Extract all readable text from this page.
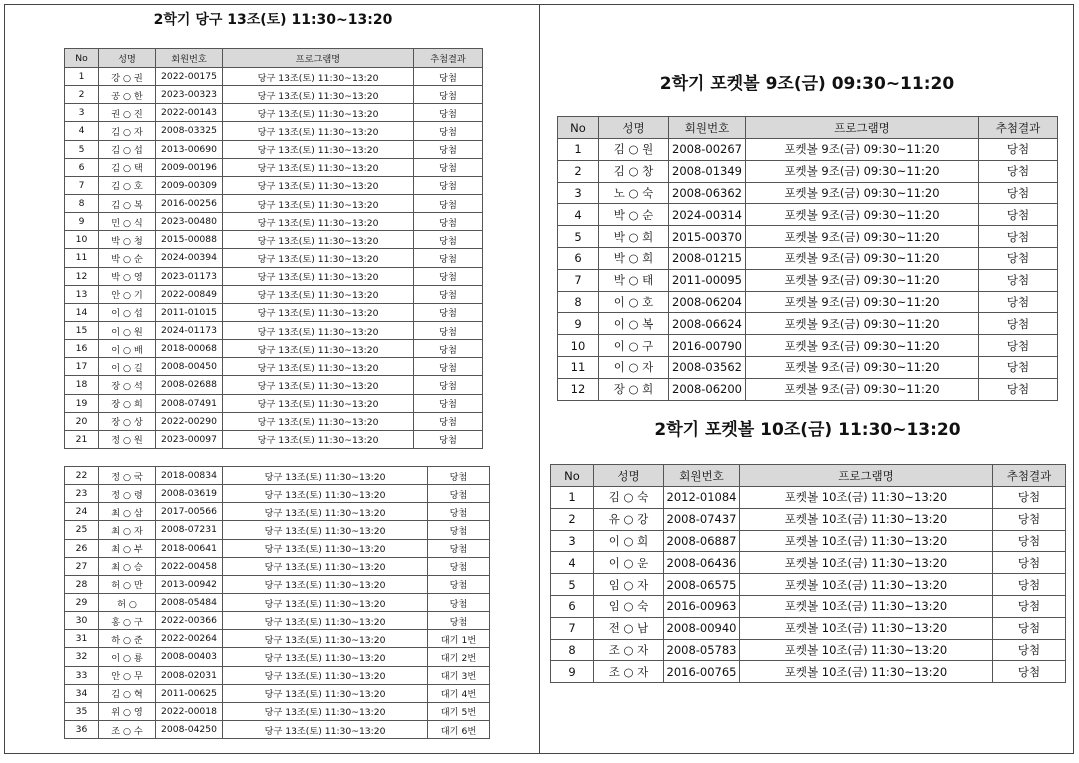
2학기 당구 13조(토) 11:30~13:20
No	성명	회원번호	프로그램명	추첨결과
1	강 ○ 권	2022-00175	당구 13조(토) 11:30~13:20	당첨
2	공 ○ 한	2023-00323	당구 13조(토) 11:30~13:20	당첨
3	권 ○ 진	2022-00143	당구 13조(토) 11:30~13:20	당첨
4	김 ○ 자	2008-03325	당구 13조(토) 11:30~13:20	당첨
5	김 ○ 섭	2013-00690	당구 13조(토) 11:30~13:20	당첨
6	김 ○ 택	2009-00196	당구 13조(토) 11:30~13:20	당첨
7	김 ○ 호	2009-00309	당구 13조(토) 11:30~13:20	당첨
8	김 ○ 복	2016-00256	당구 13조(토) 11:30~13:20	당첨
9	민 ○ 식	2023-00480	당구 13조(토) 11:30~13:20	당첨
10	박 ○ 청	2015-00088	당구 13조(토) 11:30~13:20	당첨
11	박 ○ 순	2024-00394	당구 13조(토) 11:30~13:20	당첨
12	박 ○ 영	2023-01173	당구 13조(토) 11:30~13:20	당첨
13	안 ○ 기	2022-00849	당구 13조(토) 11:30~13:20	당첨
14	이 ○ 섭	2011-01015	당구 13조(토) 11:30~13:20	당첨
15	이 ○ 원	2024-01173	당구 13조(토) 11:30~13:20	당첨
16	이 ○ 배	2018-00068	당구 13조(토) 11:30~13:20	당첨
17	이 ○ 길	2008-00450	당구 13조(토) 11:30~13:20	당첨
18	장 ○ 석	2008-02688	당구 13조(토) 11:30~13:20	당첨
19	장 ○ 희	2008-07491	당구 13조(토) 11:30~13:20	당첨
20	장 ○ 상	2022-00290	당구 13조(토) 11:30~13:20	당첨
21	정 ○ 원	2023-00097	당구 13조(토) 11:30~13:20	당첨
22	정 ○ 국	2018-00834	당구 13조(토) 11:30~13:20	당첨
23	정 ○ 령	2008-03619	당구 13조(토) 11:30~13:20	당첨
24	최 ○ 삼	2017-00566	당구 13조(토) 11:30~13:20	당첨
25	최 ○ 자	2008-07231	당구 13조(토) 11:30~13:20	당첨
26	최 ○ 부	2018-00641	당구 13조(토) 11:30~13:20	당첨
27	최 ○ 승	2022-00458	당구 13조(토) 11:30~13:20	당첨
28	허 ○ 만	2013-00942	당구 13조(토) 11:30~13:20	당첨
29	허 ○	2008-05484	당구 13조(토) 11:30~13:20	당첨
30	홍 ○ 구	2022-00366	당구 13조(토) 11:30~13:20	당첨
31	하 ○ 준	2022-00264	당구 13조(토) 11:30~13:20	대기 1번
32	이 ○ 룡	2008-00403	당구 13조(토) 11:30~13:20	대기 2번
33	안 ○ 무	2008-02031	당구 13조(토) 11:30~13:20	대기 3번
34	김 ○ 혁	2011-00625	당구 13조(토) 11:30~13:20	대기 4번
35	위 ○ 영	2022-00018	당구 13조(토) 11:30~13:20	대기 5번
36	조 ○ 수	2008-04250	당구 13조(토) 11:30~13:20	대기 6번
2학기 포켓볼 9조(금) 09:30~11:20
No	성명	회원번호	프로그램명	추첨결과
1	김 ○ 원	2008-00267	포켓볼 9조(금) 09:30~11:20	당첨
2	김 ○ 창	2008-01349	포켓볼 9조(금) 09:30~11:20	당첨
3	노 ○ 숙	2008-06362	포켓볼 9조(금) 09:30~11:20	당첨
4	박 ○ 순	2024-00314	포켓볼 9조(금) 09:30~11:20	당첨
5	박 ○ 희	2015-00370	포켓볼 9조(금) 09:30~11:20	당첨
6	박 ○ 희	2008-01215	포켓볼 9조(금) 09:30~11:20	당첨
7	박 ○ 태	2011-00095	포켓볼 9조(금) 09:30~11:20	당첨
8	이 ○ 호	2008-06204	포켓볼 9조(금) 09:30~11:20	당첨
9	이 ○ 복	2008-06624	포켓볼 9조(금) 09:30~11:20	당첨
10	이 ○ 구	2016-00790	포켓볼 9조(금) 09:30~11:20	당첨
11	이 ○ 자	2008-03562	포켓볼 9조(금) 09:30~11:20	당첨
12	장 ○ 희	2008-06200	포켓볼 9조(금) 09:30~11:20	당첨
2학기 포켓볼 10조(금) 11:30~13:20
No	성명	회원번호	프로그램명	추첨결과
1	김 ○ 숙	2012-01084	포켓볼 10조(금) 11:30~13:20	당첨
2	유 ○ 강	2008-07437	포켓볼 10조(금) 11:30~13:20	당첨
3	이 ○ 희	2008-06887	포켓볼 10조(금) 11:30~13:20	당첨
4	이 ○ 운	2008-06436	포켓볼 10조(금) 11:30~13:20	당첨
5	임 ○ 자	2008-06575	포켓볼 10조(금) 11:30~13:20	당첨
6	임 ○ 숙	2016-00963	포켓볼 10조(금) 11:30~13:20	당첨
7	전 ○ 남	2008-00940	포켓볼 10조(금) 11:30~13:20	당첨
8	조 ○ 자	2008-05783	포켓볼 10조(금) 11:30~13:20	당첨
9	조 ○ 자	2016-00765	포켓볼 10조(금) 11:30~13:20	당첨
